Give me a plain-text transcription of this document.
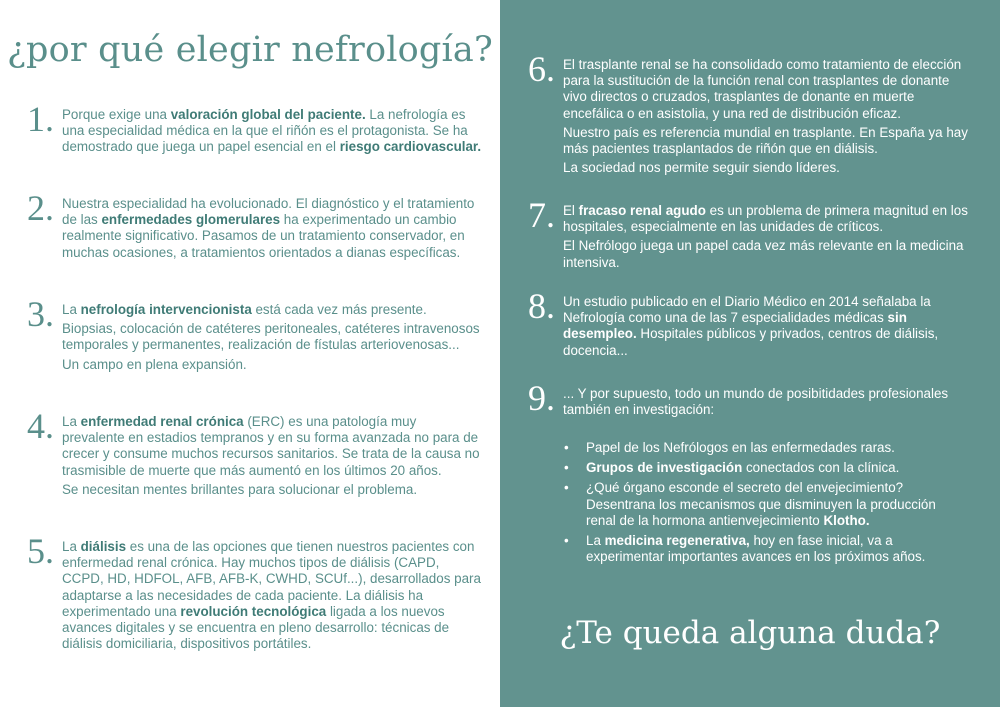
¿por qué elegir nefrología?
1. Porque exige una valoración global del paciente. La nefrología es una especialidad médica en la que el riñón es el protagonista. Se ha demostrado que juega un papel esencial en el riesgo cardiovascular.

2. Nuestra especialidad ha evolucionado. El diagnóstico y el tratamiento de las enfermedades glomerulares ha experimentado un cambio realmente significativo. Pasamos de un tratamiento conservador, en muchas ocasiones, a tratamientos orientados a dianas específicas.

3. La nefrología intervencionista está cada vez más presente.

Biopsias, colocación de catéteres peritoneales, catéteres intravenosos temporales y permanentes, realización de fístulas arteriovenosas...

Un campo en plena expansión.

4. La enfermedad renal crónica (ERC) es una patología muy prevalente en estadios tempranos y en su forma avanzada no para de crecer y consume muchos recursos sanitarios. Se trata de la causa no trasmisible de muerte que más aumentó en los últimos 20 años.

Se necesitan mentes brillantes para solucionar el problema.

5. La diálisis es una de las opciones que tienen nuestros pacientes con enfermedad renal crónica. Hay muchos tipos de diálisis (CAPD, CCPD, HD, HDFOL, AFB, AFB-K, CWHD, SCUf...), desarrollados para adaptarse a las necesidades de cada paciente. La diálisis ha experimentado una revolución tecnológica ligada a los nuevos avances digitales y se encuentra en pleno desarrollo: técnicas de diálisis domiciliaria, dispositivos portátiles.

6. El trasplante renal se ha consolidado como tratamiento de elección para la sustitución de la función renal con trasplantes de donante vivo directos o cruzados, trasplantes de donante en muerte encefálica o en asistolia, y una red de distribución eficaz.

Nuestro país es referencia mundial en trasplante. En España ya hay más pacientes trasplantados de riñón que en diálisis.

La sociedad nos permite seguir siendo líderes.

7. El fracaso renal agudo es un problema de primera magnitud en los hospitales, especialmente en las unidades de críticos.

El Nefrólogo juega un papel cada vez más relevante en la medicina intensiva.

8. Un estudio publicado en el Diario Médico en 2014 señalaba la Nefrología como una de las 7 especialidades médicas sin desempleo. Hospitales públicos y privados, centros de diálisis, docencia...

9. ... Y por supuesto, todo un mundo de posibitidades profesionales también en investigación:

• Papel de los Nefrólogos en las enfermedades raras.
• Grupos de investigación conectados con la clínica.
• ¿Qué órgano esconde el secreto del envejecimiento? Desentrana los mecanismos que disminuyen la producción renal de la hormona antienvejecimiento Klotho.
• La medicina regenerativa, hoy en fase inicial, va a experimentar importantes avances en los próximos años.
¿Te queda alguna duda?
